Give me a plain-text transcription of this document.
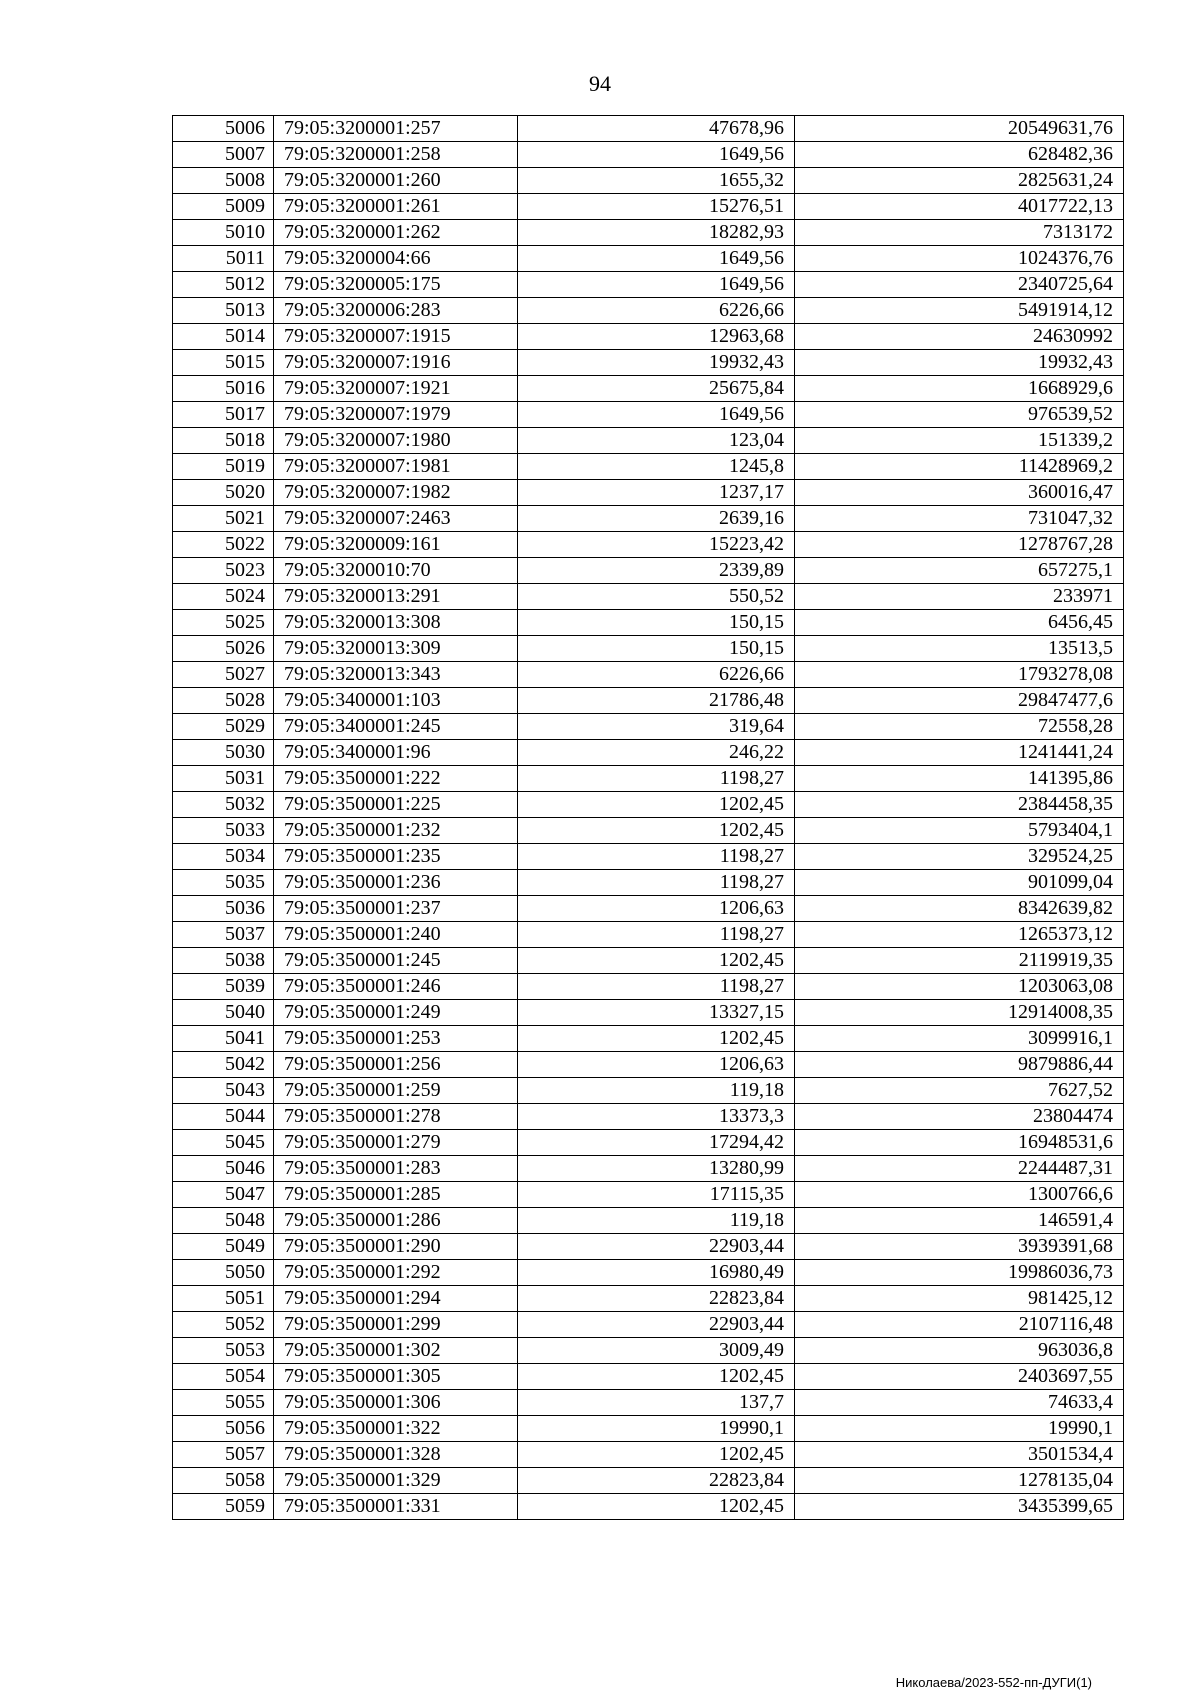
94
5006	79:05:3200001:257	47678,96	20549631,76
5007	79:05:3200001:258	1649,56	628482,36
5008	79:05:3200001:260	1655,32	2825631,24
5009	79:05:3200001:261	15276,51	4017722,13
5010	79:05:3200001:262	18282,93	7313172
5011	79:05:3200004:66	1649,56	1024376,76
5012	79:05:3200005:175	1649,56	2340725,64
5013	79:05:3200006:283	6226,66	5491914,12
5014	79:05:3200007:1915	12963,68	24630992
5015	79:05:3200007:1916	19932,43	19932,43
5016	79:05:3200007:1921	25675,84	1668929,6
5017	79:05:3200007:1979	1649,56	976539,52
5018	79:05:3200007:1980	123,04	151339,2
5019	79:05:3200007:1981	1245,8	11428969,2
5020	79:05:3200007:1982	1237,17	360016,47
5021	79:05:3200007:2463	2639,16	731047,32
5022	79:05:3200009:161	15223,42	1278767,28
5023	79:05:3200010:70	2339,89	657275,1
5024	79:05:3200013:291	550,52	233971
5025	79:05:3200013:308	150,15	6456,45
5026	79:05:3200013:309	150,15	13513,5
5027	79:05:3200013:343	6226,66	1793278,08
5028	79:05:3400001:103	21786,48	29847477,6
5029	79:05:3400001:245	319,64	72558,28
5030	79:05:3400001:96	246,22	1241441,24
5031	79:05:3500001:222	1198,27	141395,86
5032	79:05:3500001:225	1202,45	2384458,35
5033	79:05:3500001:232	1202,45	5793404,1
5034	79:05:3500001:235	1198,27	329524,25
5035	79:05:3500001:236	1198,27	901099,04
5036	79:05:3500001:237	1206,63	8342639,82
5037	79:05:3500001:240	1198,27	1265373,12
5038	79:05:3500001:245	1202,45	2119919,35
5039	79:05:3500001:246	1198,27	1203063,08
5040	79:05:3500001:249	13327,15	12914008,35
5041	79:05:3500001:253	1202,45	3099916,1
5042	79:05:3500001:256	1206,63	9879886,44
5043	79:05:3500001:259	119,18	7627,52
5044	79:05:3500001:278	13373,3	23804474
5045	79:05:3500001:279	17294,42	16948531,6
5046	79:05:3500001:283	13280,99	2244487,31
5047	79:05:3500001:285	17115,35	1300766,6
5048	79:05:3500001:286	119,18	146591,4
5049	79:05:3500001:290	22903,44	3939391,68
5050	79:05:3500001:292	16980,49	19986036,73
5051	79:05:3500001:294	22823,84	981425,12
5052	79:05:3500001:299	22903,44	2107116,48
5053	79:05:3500001:302	3009,49	963036,8
5054	79:05:3500001:305	1202,45	2403697,55
5055	79:05:3500001:306	137,7	74633,4
5056	79:05:3500001:322	19990,1	19990,1
5057	79:05:3500001:328	1202,45	3501534,4
5058	79:05:3500001:329	22823,84	1278135,04
5059	79:05:3500001:331	1202,45	3435399,65
Николаева/2023-552-пп-ДУГИ(1)
